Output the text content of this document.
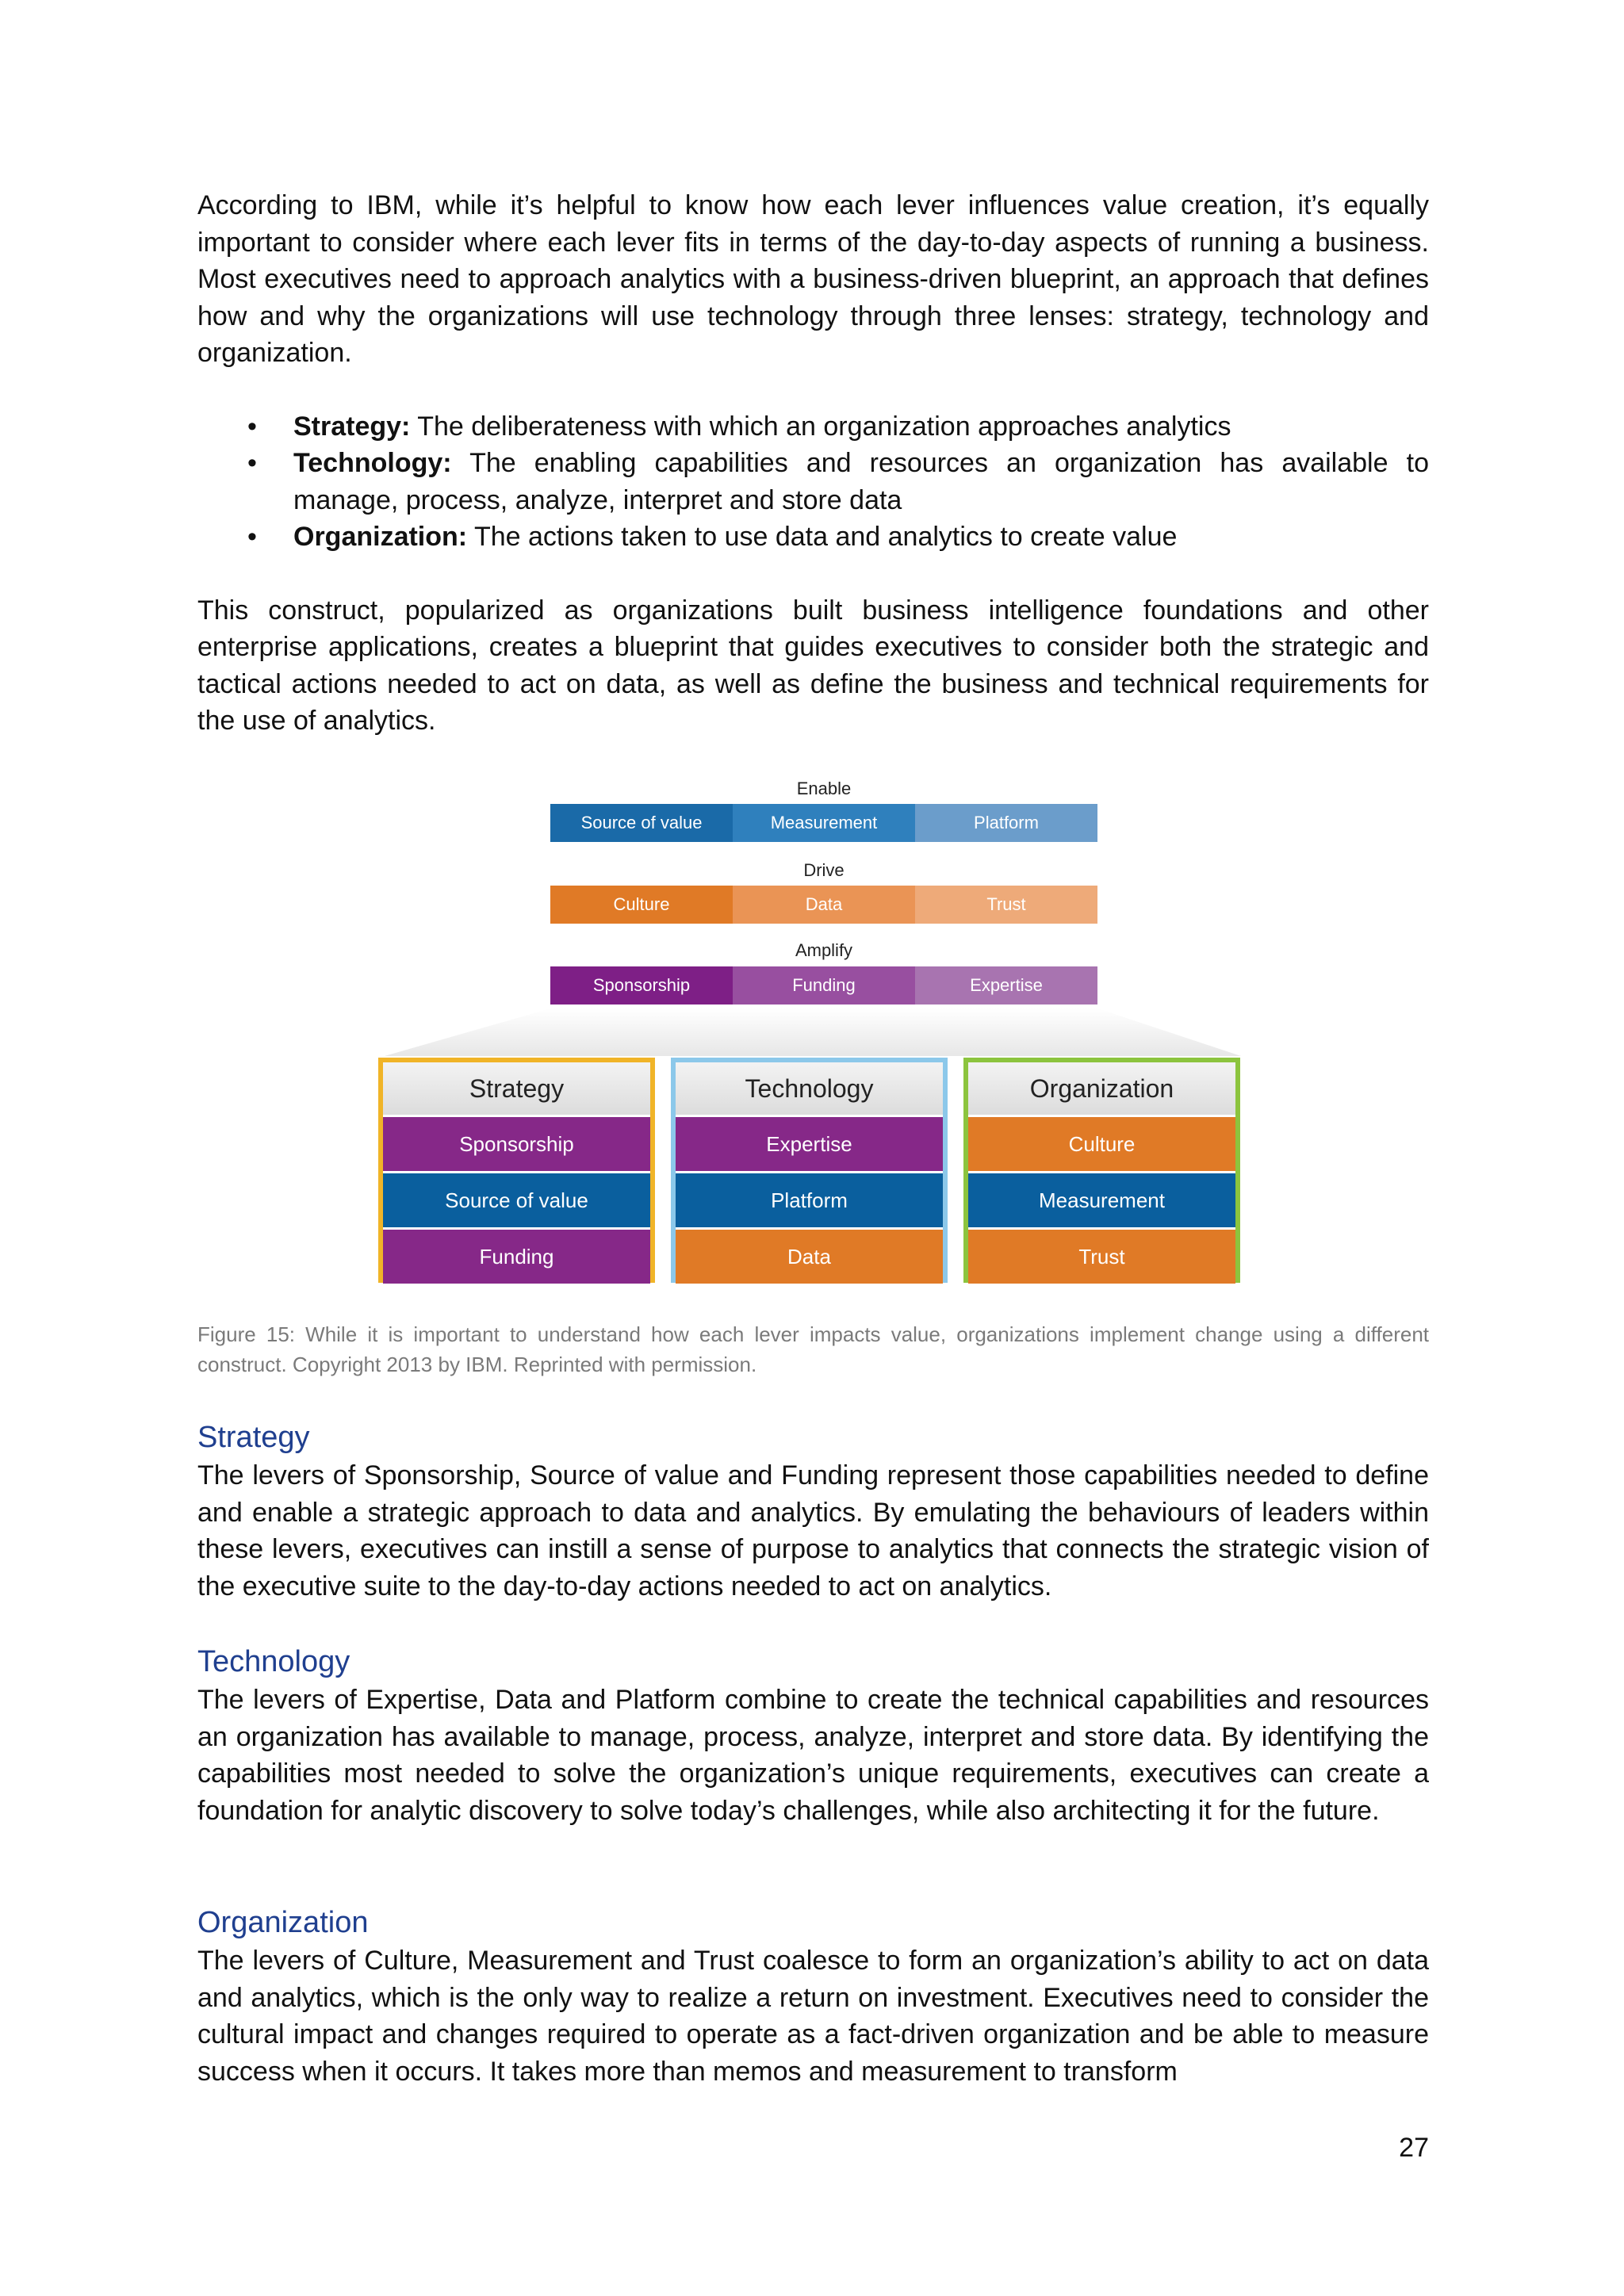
According to IBM, while it’s helpful to know how each lever influences value creation, it’s equally important to consider where each lever fits in terms of the day-to-day aspects of running a business. Most executives need to approach analytics with a business-driven blueprint, an approach that defines how and why the organizations will use technology through three lenses: strategy, technology and organization.

• Strategy: The deliberateness with which an organization approaches analytics
• Technology: The enabling capabilities and resources an organization has available to manage, process, analyze, interpret and store data
• Organization: The actions taken to use data and analytics to create value

This construct, popularized as organizations built business intelligence foundations and other enterprise applications, creates a blueprint that guides executives to consider both the strategic and tactical actions needed to act on data, as well as define the business and technical requirements for the use of analytics.

Enable
Source of value	Measurement	Platform
Drive
Culture	Data	Trust
Amplify
Sponsorship	Funding	Expertise
Strategy
Sponsorship
Source of value
Funding
Technology
Expertise
Platform
Data
Organization
Culture
Measurement
Trust
Figure 15: While it is important to understand how each lever impacts value, organizations implement change using a different construct. Copyright 2013 by IBM. Reprinted with permission.
Strategy

The levers of Sponsorship, Source of value and Funding represent those capabilities needed to define and enable a strategic approach to data and analytics. By emulating the behaviours of leaders within these levers, executives can instill a sense of purpose to analytics that connects the strategic vision of the executive suite to the day-to-day actions needed to act on analytics.

Technology

The levers of Expertise, Data and Platform combine to create the technical capabilities and resources an organization has available to manage, process, analyze, interpret and store data. By identifying the capabilities most needed to solve the organization’s unique requirements, executives can create a foundation for analytic discovery to solve today’s challenges, while also architecting it for the future.

Organization

The levers of Culture, Measurement and Trust coalesce to form an organization’s ability to act on data and analytics, which is the only way to realize a return on investment. Executives need to consider the cultural impact and changes required to operate as a fact-driven organization and be able to measure success when it occurs. It takes more than memos and measurement to transform

27
